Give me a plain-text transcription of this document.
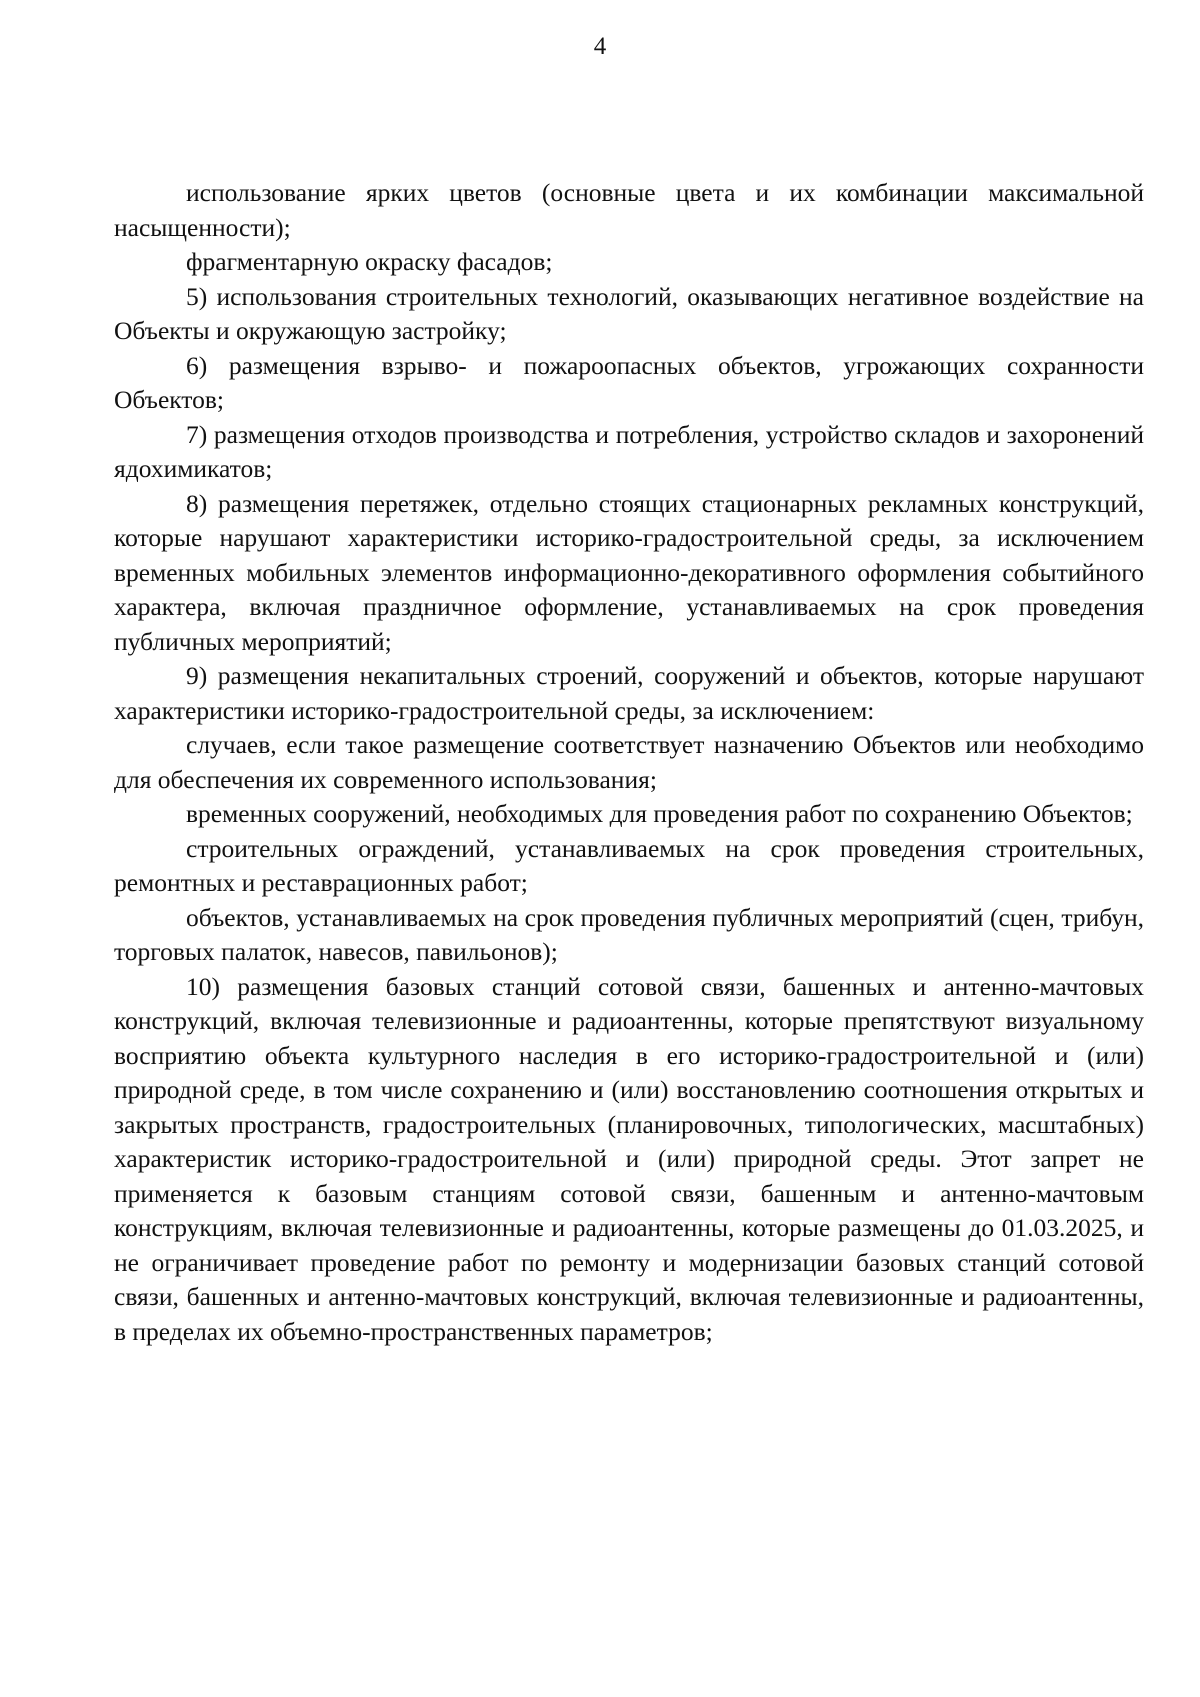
4

использование ярких цветов (основные цвета и их комбинации максимальной насыщенности);

фрагментарную окраску фасадов;

5) использования строительных технологий, оказывающих негативное воздействие на Объекты и окружающую застройку;

6) размещения взрыво- и пожароопасных объектов, угрожающих сохранности Объектов;

7) размещения отходов производства и потребления, устройство складов и захоронений ядохимикатов;

8) размещения перетяжек, отдельно стоящих стационарных рекламных конструкций, которые нарушают характеристики историко-градостроительной среды, за исключением временных мобильных элементов информационно-декоративного оформления событийного характера, включая праздничное оформление, устанавливаемых на срок проведения публичных мероприятий;

9) размещения некапитальных строений, сооружений и объектов, которые нарушают характеристики историко-градостроительной среды, за исключением:

случаев, если такое размещение соответствует назначению Объектов или необходимо для обеспечения их современного использования;

временных сооружений, необходимых для проведения работ по сохранению Объектов;

строительных ограждений, устанавливаемых на срок проведения строительных, ремонтных и реставрационных работ;

объектов, устанавливаемых на срок проведения публичных мероприятий (сцен, трибун, торговых палаток, навесов, павильонов);

10) размещения базовых станций сотовой связи, башенных и антенно-мачтовых конструкций, включая телевизионные и радиоантенны, которые препятствуют визуальному восприятию объекта культурного наследия в его историко-градостроительной и (или) природной среде, в том числе сохранению и (или) восстановлению соотношения открытых и закрытых пространств, градостроительных (планировочных, типологических, масштабных) характеристик историко-градостроительной и (или) природной среды. Этот запрет не применяется к базовым станциям сотовой связи, башенным и антенно-мачтовым конструкциям, включая телевизионные и радиоантенны, которые размещены до 01.03.2025, и не ограничивает проведение работ по ремонту и модернизации базовых станций сотовой связи, башенных и антенно-мачтовых конструкций, включая телевизионные и радиоантенны, в пределах их объемно-пространственных параметров;
